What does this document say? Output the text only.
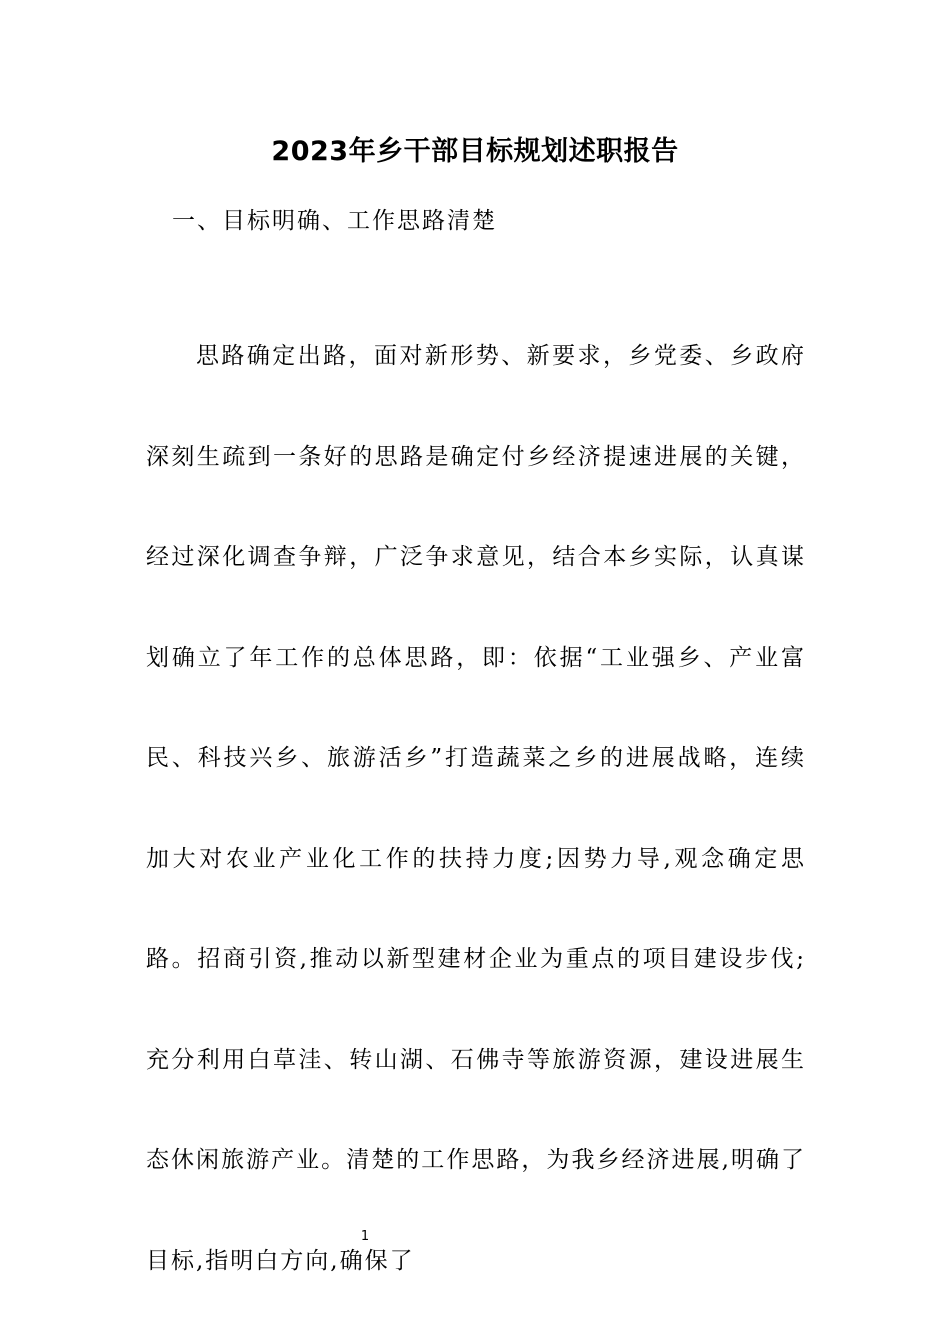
2023年乡干部目标规划述职报告
一、目标明确、工作思路清楚

思路确定出路，面对新形势、新要求，乡党委、乡政府深刻生疏到一条好的思路是确定付乡经济提速进展的关键，经过深化调查争辩，广泛争求意见，结合本乡实际，认真谋划确立了年工作的总体思路，即：依据“工业强乡、产业富民、科技兴乡、旅游活乡”打造蔬菜之乡的进展战略，连续加大对农业产业化工作的扶持力度;因势力导,观念确定思路。招商引资,推动以新型建材企业为重点的项目建设步伐;充分利用白草洼、转山湖、石佛寺等旅游资源，建设进展生态休闲旅游产业。清楚的工作思路，为我乡经济进展,明确了目标,指明白方向,确保了

1
